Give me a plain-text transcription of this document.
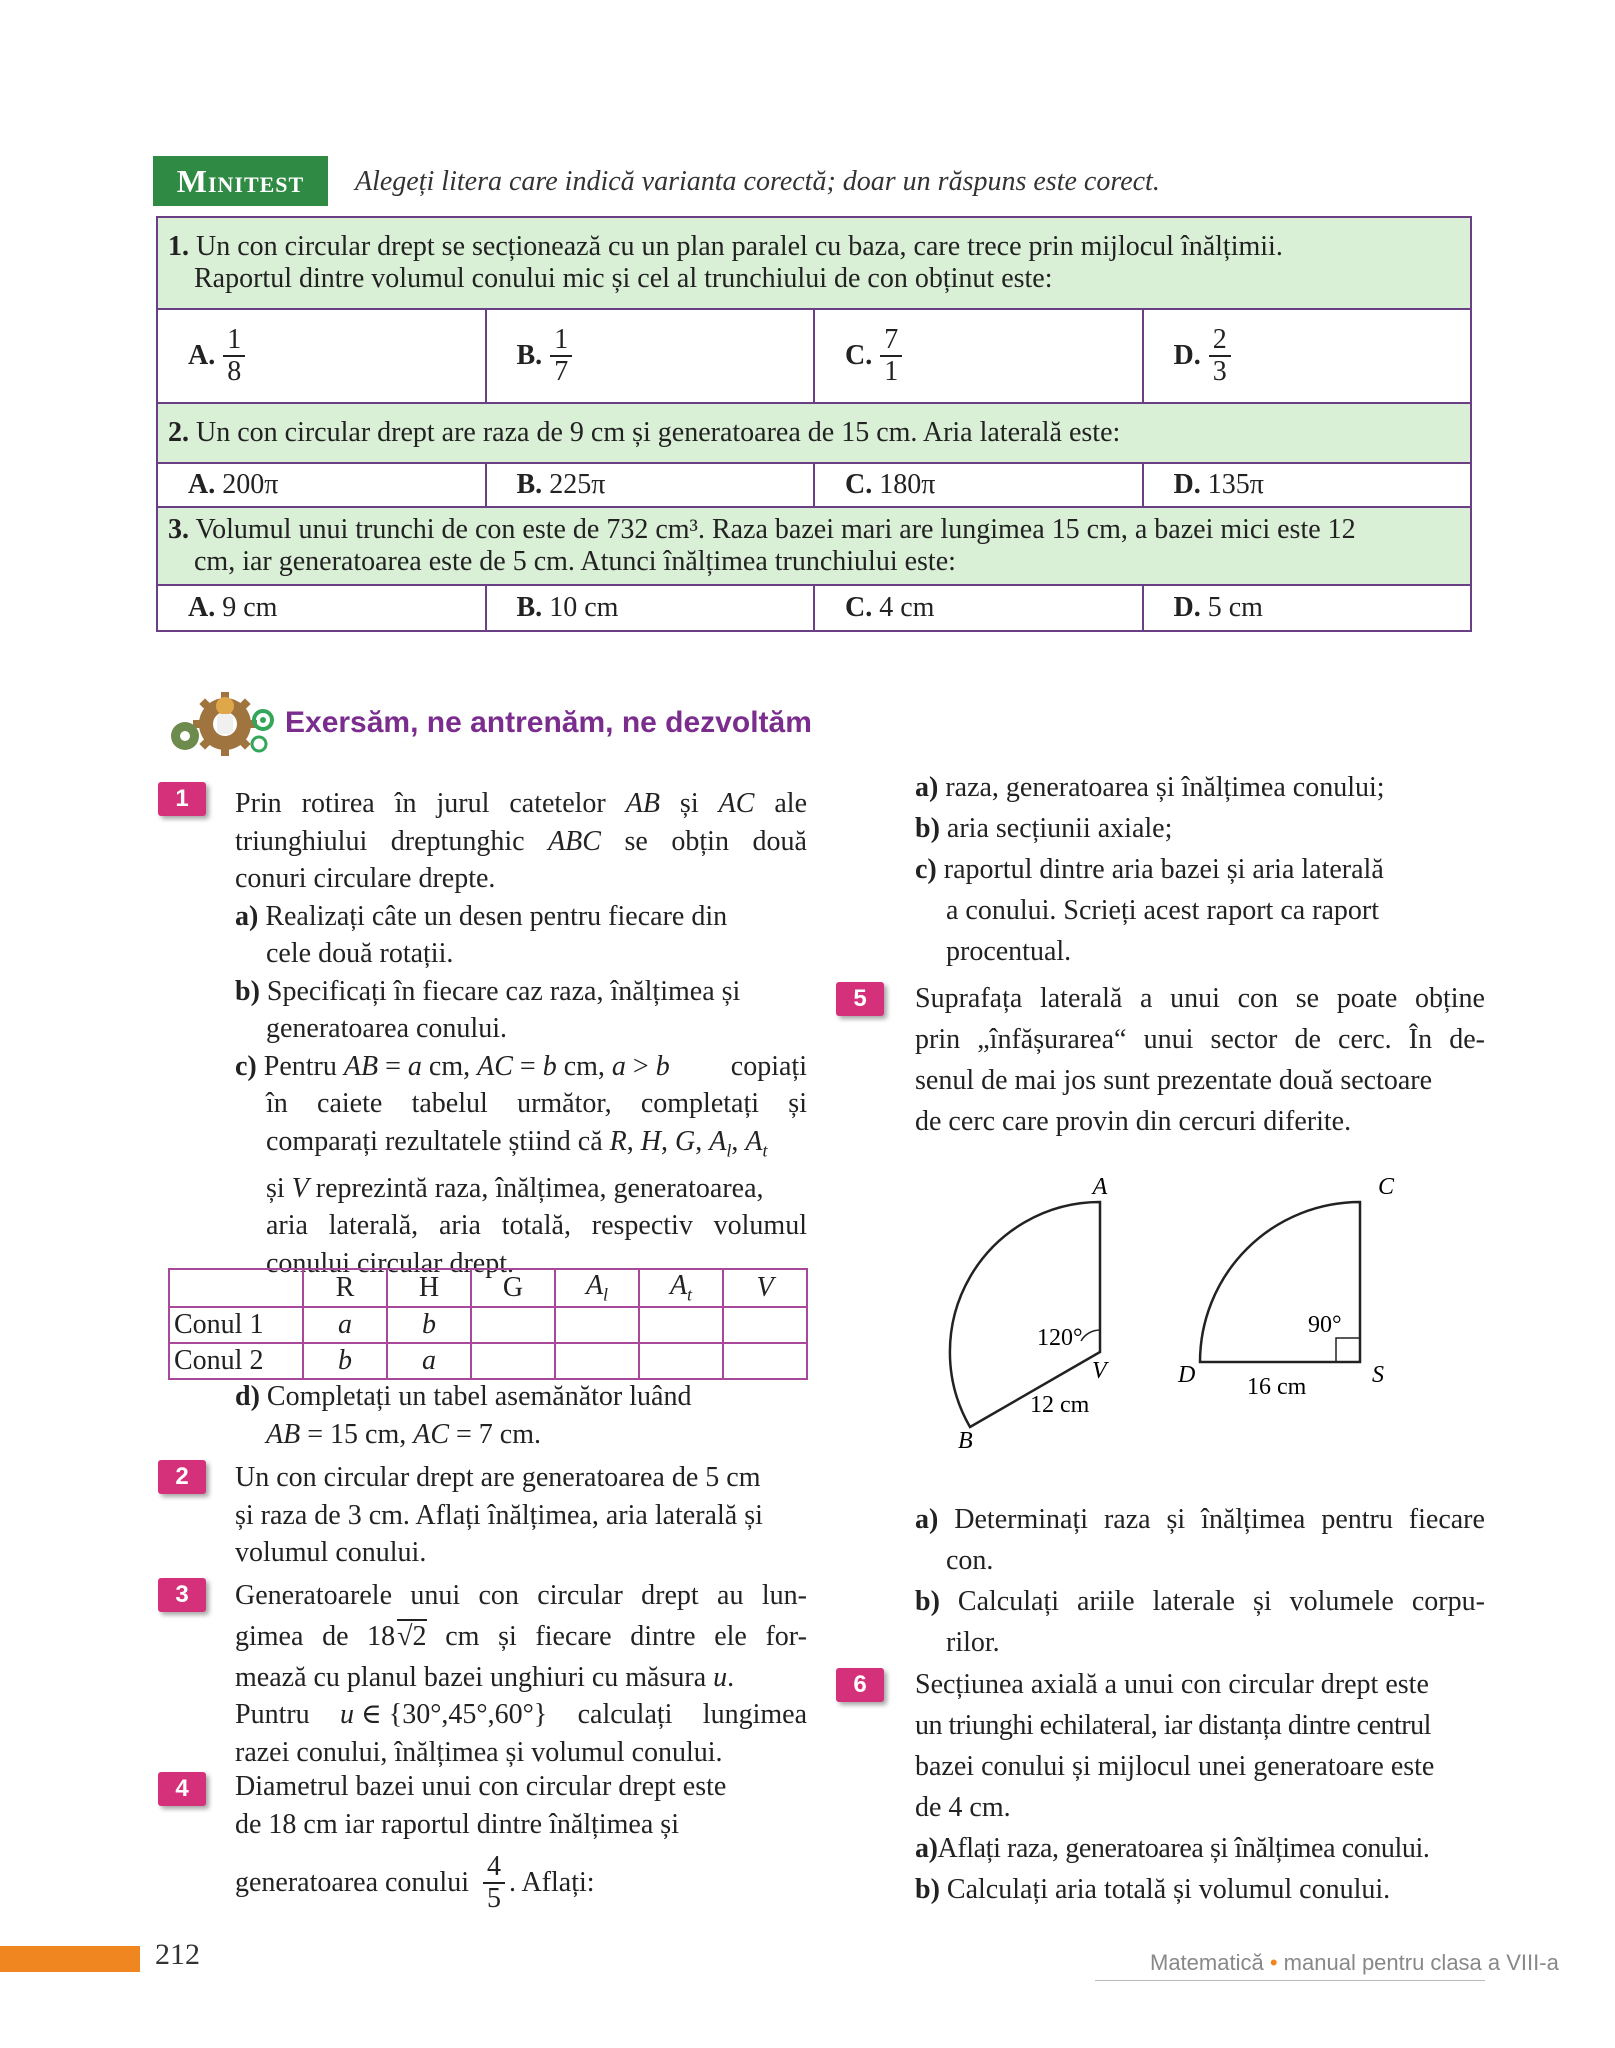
Minitest Alegeți litera care indică varianta corectă; doar un răspuns este corect.
1. Un con circular drept se secționează cu un plan paralel cu baza, care trece prin mijlocul înălțimii.
Raportul dintre volumul conului mic și cel al trunchiului de con obținut este:			

A. $\frac{1}{8}$	B. $\frac{1}{7}$	C. $\frac{7}{1}$	D. $\frac{2}{3}$

2. Un con circular drept are raza de 9 cm și generatoarea de 15 cm. Aria laterală este:			
A. 200π	B. 225π	C. 180π	D. 135π
3. Volumul unui trunchi de con este de 732 cm³. Raza bazei mari are lungimea 15 cm, a bazei mici este 12
cm, iar generatoarea este de 5 cm. Atunci înălțimea trunchiului este:			

A. 9 cm	B. 10 cm	C. 4 cm	D. 5 cm
Exersăm, ne antrenăm, ne dezvoltăm
1	Prin rotirea în jurul catetelor AB și AC ale
triunghiului dreptunghic ABC se obțin două
conuri circulare drepte.
a) Realizați câte un desen pentru fiecare din
cele două rotații.
b) Specificați în fiecare caz raza, înălțimea și
generatoarea conului.
c) Pentru AB = a cm, AC = b cm, a > b copiați
în caiete tabelul următor, completați și
comparați rezultatele știind că R, H, G, $A_l$, $A_t$
și V reprezintă raza, înălțimea, generatoarea,
aria laterală, aria totală, respectiv volumul
conului circular drept.
	R	H	G	$A_l$	$A_t$	V
Conul 1	a	b				
Conul 2	b	a				
d) Completați un tabel asemănător luând
AB = 15 cm, AC = 7 cm.
2	Un con circular drept are generatoarea de 5 cm
și raza de 3 cm. Aflați înălțimea, aria laterală și
volumul conului.
3	Generatoarele unui con circular drept au lun-
gimea de 18√2 cm și fiecare dintre ele for-
mează cu planul bazei unghiuri cu măsura u.
Puntru u ∈ {30°,45°,60°} calculați lungimea
razei conului, înălțimea și volumul conului.
4	Diametrul bazei unui con circular drept este
de 18 cm iar raportul dintre înălțimea și
generatoarea conului $\frac{4}{5}$ . Aflați:
a) raza, generatoarea și înălțimea conului;
b) aria secțiunii axiale;
c) raportul dintre aria bazei și aria laterală
a conului. Scrieți acest raport ca raport
procentual.
5	Suprafața laterală a unui con se poate obține
prin „înfășurarea“ unui sector de cerc. În de-
senul de mai jos sunt prezentate două sectoare
de cerc care provin din cercuri diferite.
A
B
V
120°
12 cm
C
D	S
90°
16 cm
a) Determinați raza și înălțimea pentru fiecare
con.
b) Calculați ariile laterale și volumele corpu-
rilor.
6	Secțiunea axială a unui con circular drept este
un triunghi echilateral, iar distanța dintre centrul
bazei conului și mijlocul unei generatoare este
de 4 cm.
a)Aflați raza, generatoarea și înălțimea conului.
b) Calculați aria totală și volumul conului.
212	Matematică • manual pentru clasa a VIII-a
